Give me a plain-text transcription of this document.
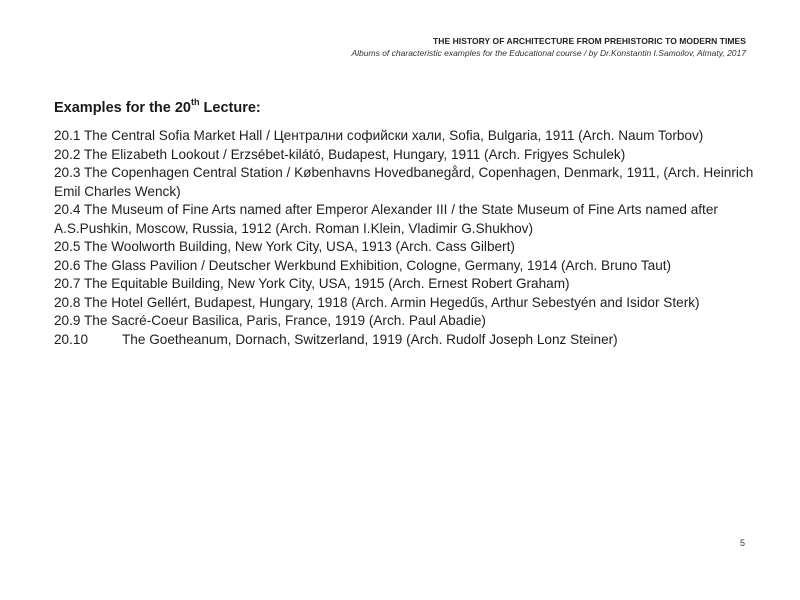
THE HISTORY OF ARCHITECTURE FROM PREHISTORIC TO MODERN TIMES
Albums of characteristic examples for the Educational course / by Dr.Konstantin I.Samoilov, Almaty, 2017
Examples for the 20th Lecture:
20.1 The Central Sofia Market Hall / Централни софийски хали, Sofia, Bulgaria, 1911 (Arch. Naum Torbov)
20.2 The Elizabeth Lookout / Erzsébet-kilátó, Budapest, Hungary, 1911 (Arch. Frigyes Schulek)
20.3 The Copenhagen Central Station / Københavns Hovedbanegård, Copenhagen, Denmark, 1911, (Arch. Heinrich Emil Charles Wenck)
20.4 The Museum of Fine Arts named after Emperor Alexander III / the State Museum of Fine Arts named after A.S.Pushkin, Moscow, Russia, 1912 (Arch. Roman I.Klein, Vladimir G.Shukhov)
20.5 The Woolworth Building, New York City, USA, 1913 (Arch. Cass Gilbert)
20.6 The Glass Pavilion / Deutscher Werkbund Exhibition, Cologne, Germany, 1914 (Arch. Bruno Taut)
20.7 The Equitable Building, New York City, USA, 1915 (Arch. Ernest Robert Graham)
20.8 The Hotel Gellért, Budapest, Hungary, 1918 (Arch. Armin Hegedűs, Arthur Sebestyén and Isidor Sterk)
20.9 The Sacré-Coeur Basilica, Paris, France, 1919 (Arch. Paul Abadie)
20.10 The Goetheanum, Dornach, Switzerland, 1919 (Arch. Rudolf Joseph Lonz Steiner)
5
